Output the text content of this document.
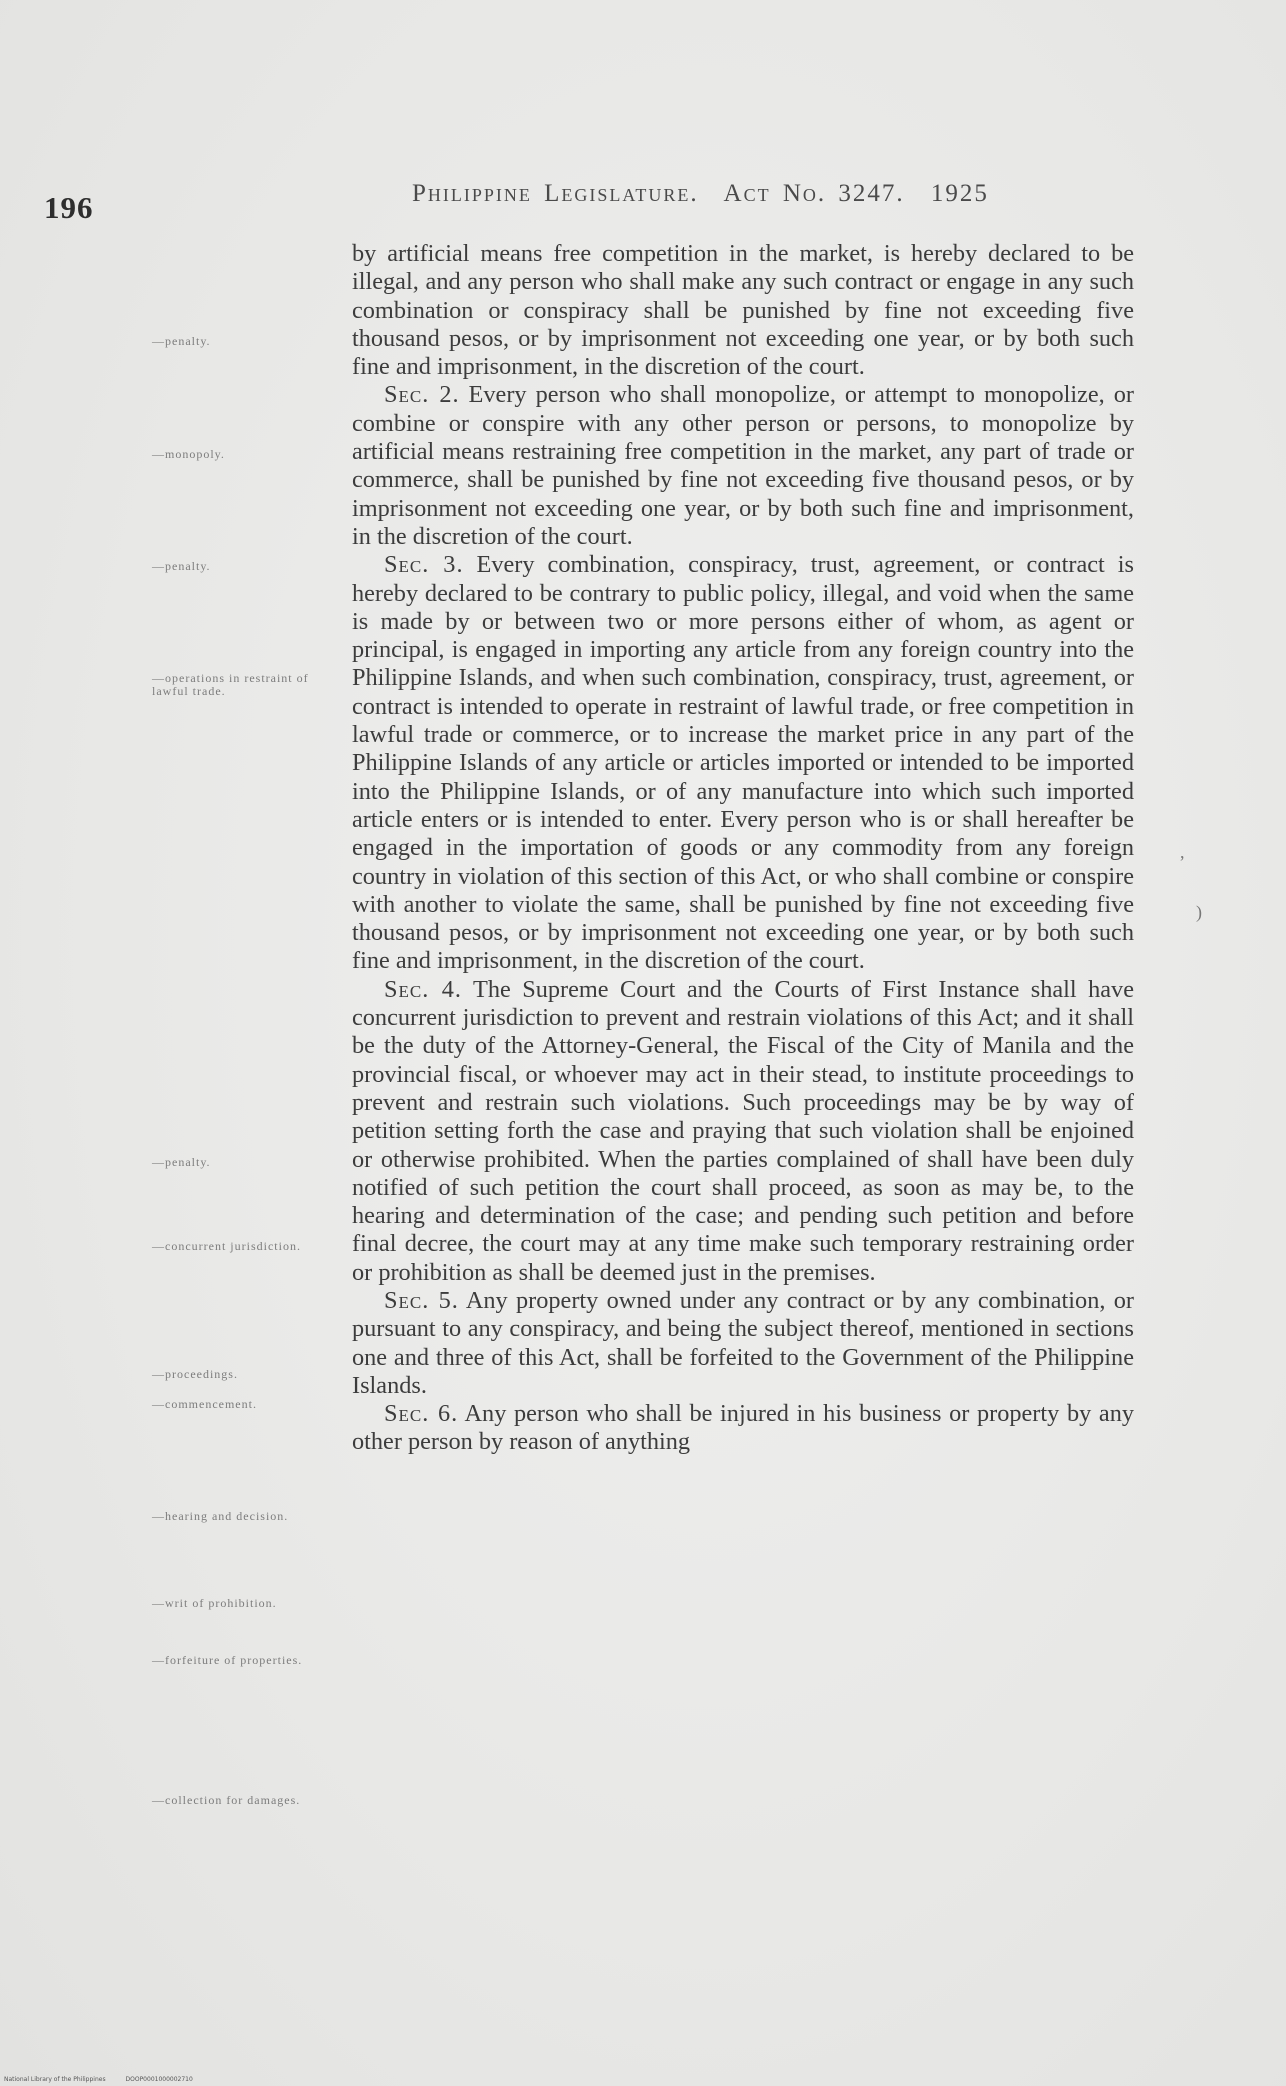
196	Philippine Legislature. Act No. 3247. 1925
—penalty.
—monopoly.
—penalty.
—operations in restraint of lawful trade.
—penalty.
—concurrent jurisdiction.
—proceedings.
—commencement.
—hearing and decision.
—writ of prohibition.
—forfeiture of properties.
—collection for damages.

by artificial means free competition in the market, is hereby declared to be illegal, and any person who shall make any such contract or engage in any such combination or conspiracy shall be punished by fine not exceeding five thousand pesos, or by imprisonment not exceeding one year, or by both such fine and imprisonment, in the discretion of the court.

Sec. 2. Every person who shall monopolize, or attempt to monopolize, or combine or conspire with any other person or persons, to monopolize by artificial means restraining free competition in the market, any part of trade or commerce, shall be punished by fine not exceeding five thousand pesos, or by imprisonment not exceeding one year, or by both such fine and imprisonment, in the discretion of the court.

Sec. 3. Every combination, conspiracy, trust, agreement, or contract is hereby declared to be contrary to public policy, illegal, and void when the same is made by or between two or more persons either of whom, as agent or principal, is engaged in importing any article from any foreign country into the Philippine Islands, and when such combination, conspiracy, trust, agreement, or contract is intended to operate in restraint of lawful trade, or free competition in lawful trade or commerce, or to increase the market price in any part of the Philippine Islands of any article or articles imported or intended to be imported into the Philippine Islands, or of any manufacture into which such imported article enters or is intended to enter. Every person who is or shall hereafter be engaged in the importation of goods or any commodity from any foreign country in violation of this section of this Act, or who shall combine or conspire with another to violate the same, shall be punished by fine not exceeding five thousand pesos, or by imprisonment not exceeding one year, or by both such fine and imprisonment, in the discretion of the court.

Sec. 4. The Supreme Court and the Courts of First Instance shall have concurrent jurisdiction to prevent and restrain violations of this Act; and it shall be the duty of the Attorney-General, the Fiscal of the City of Manila and the provincial fiscal, or whoever may act in their stead, to institute proceedings to prevent and restrain such violations. Such proceedings may be by way of petition setting forth the case and praying that such violation shall be enjoined or otherwise prohibited. When the parties complained of shall have been duly notified of such petition the court shall proceed, as soon as may be, to the hearing and determination of the case; and pending such petition and before final decree, the court may at any time make such temporary restraining order or prohibition as shall be deemed just in the premises.

Sec. 5. Any property owned under any contract or by any combination, or pursuant to any conspiracy, and being the subject thereof, mentioned in sections one and three of this Act, shall be forfeited to the Government of the Philippine Islands.

Sec. 6. Any person who shall be injured in his business or property by any other person by reason of anything

,
)
National Library of the Philippines	DOOP0001000002710
